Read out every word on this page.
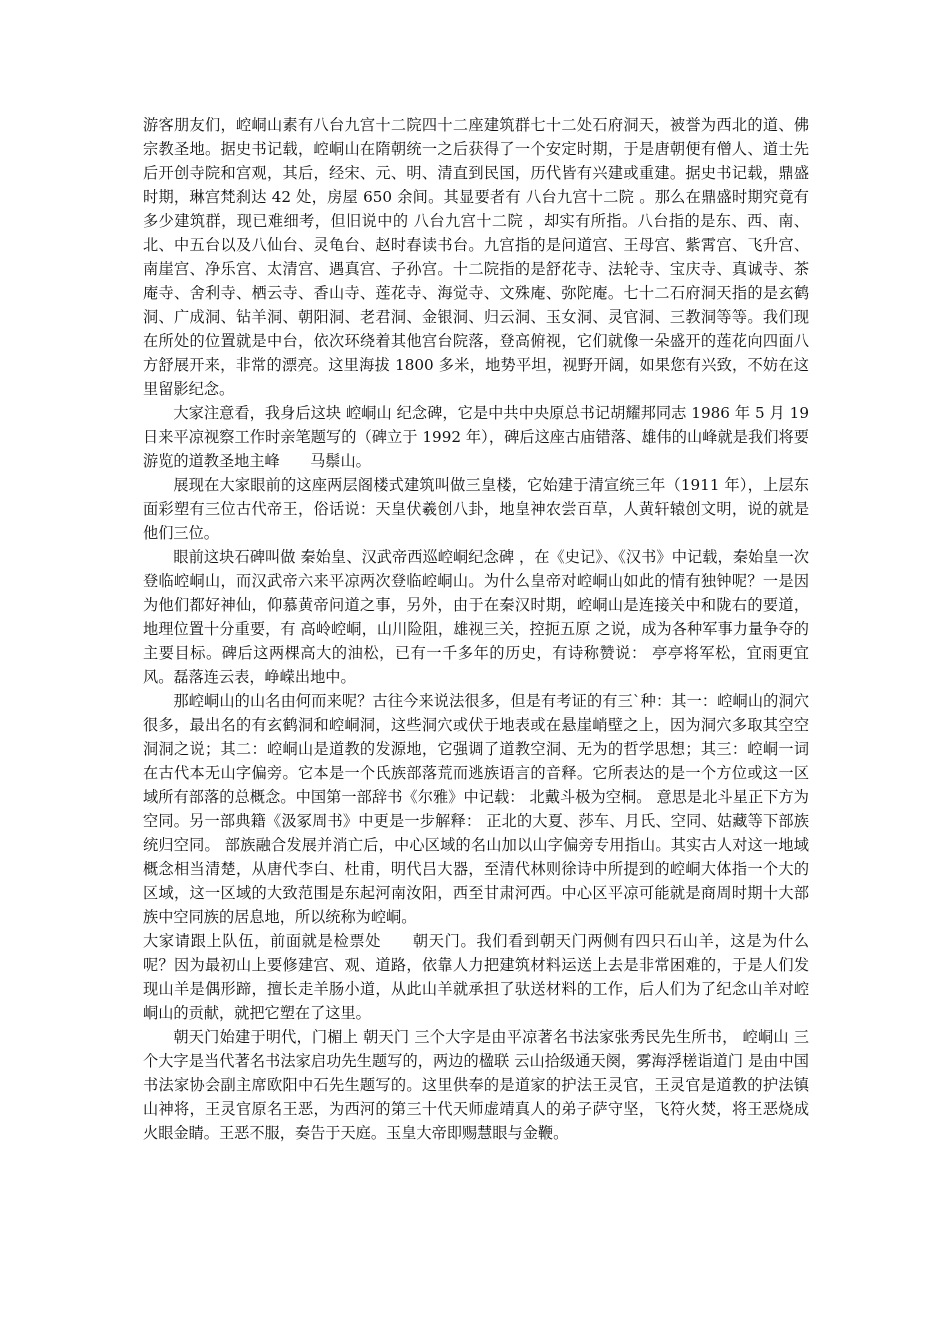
游客朋友们，崆峒山素有八台九宫十二院四十二座建筑群七十二处石府洞天，被誉为西北的道、佛宗教圣地。据史书记载，崆峒山在隋朝统一之后获得了一个安定时期，于是唐朝便有僧人、道士先后开创寺院和宫观，其后，经宋、元、明、清直到民国，历代皆有兴建或重建。据史书记载，鼎盛时期，琳宫梵刹达 42 处，房屋 650 余间。其显要者有 八台九宫十二院 。那么在鼎盛时期究竟有多少建筑群，现已难细考，但旧说中的 八台九宫十二院 ，却实有所指。八台指的是东、西、南、北、中五台以及八仙台、灵龟台、赵时春读书台。九宫指的是问道宫、王母宫、紫霄宫、飞升宫、南崖宫、净乐宫、太清宫、遇真宫、子孙宫。十二院指的是舒花寺、法轮寺、宝庆寺、真诚寺、茶庵寺、舍利寺、栖云寺、香山寺、莲花寺、海觉寺、文殊庵、弥陀庵。七十二石府洞天指的是玄鹤洞、广成洞、钻羊洞、朝阳洞、老君洞、金银洞、归云洞、玉女洞、灵官洞、三教洞等等。我们现在所处的位置就是中台，依次环绕着其他宫台院落，登高俯视，它们就像一朵盛开的莲花向四面八方舒展开来，非常的漂亮。这里海拔 1800 多米，地势平坦，视野开阔，如果您有兴致，不妨在这里留影纪念。

大家注意看，我身后这块 崆峒山 纪念碑，它是中共中央原总书记胡耀邦同志 1986 年 5 月 19 日来平凉视察工作时亲笔题写的（碑立于 1992 年），碑后这座古庙错落、雄伟的山峰就是我们将要游览的道教圣地主峰　　马鬃山。

展现在大家眼前的这座两层阁楼式建筑叫做三皇楼，它始建于清宣统三年（1911 年），上层东面彩塑有三位古代帝王，俗话说：天皇伏羲创八卦，地皇神农尝百草，人黄轩辕创文明，说的就是他们三位。

眼前这块石碑叫做 秦始皇、汉武帝西巡崆峒纪念碑 ，在《史记》、《汉书》中记载，秦始皇一次登临崆峒山，而汉武帝六来平凉两次登临崆峒山。为什么皇帝对崆峒山如此的情有独钟呢？一是因为他们都好神仙，仰慕黄帝问道之事，另外，由于在秦汉时期，崆峒山是连接关中和陇右的要道，地理位置十分重要，有 高岭崆峒，山川险阻，雄视三关，控扼五原 之说，成为各种军事力量争夺的主要目标。碑后这两棵高大的油松，已有一千多年的历史，有诗称赞说： 亭亭将军松，宜雨更宜风。磊落连云表，峥嵘出地中。

那崆峒山的山名由何而来呢？古往今来说法很多，但是有考证的有三`种：其一：崆峒山的洞穴很多，最出名的有玄鹤洞和崆峒洞，这些洞穴或伏于地表或在悬崖峭壁之上，因为洞穴多取其空空洞洞之说；其二：崆峒山是道教的发源地，它强调了道教空洞、无为的哲学思想；其三：崆峒一词在古代本无山字偏旁。它本是一个氏族部落荒而逃族语言的音释。它所表达的是一个方位或这一区域所有部落的总概念。中国第一部辞书《尔雅》中记载： 北戴斗极为空桐。 意思是北斗星正下方为空同。另一部典籍《汲冢周书》中更是一步解释： 正北的大夏、莎车、月氏、空同、姑藏等下部族统归空同。 部族融合发展并消亡后，中心区域的名山加以山字偏旁专用指山。其实古人对这一地域概念相当清楚，从唐代李白、杜甫，明代吕大器，至清代林则徐诗中所提到的崆峒大体指一个大的区域，这一区域的大致范围是东起河南汝阳，西至甘肃河西。中心区平凉可能就是商周时期十大部族中空同族的居息地，所以统称为崆峒。

大家请跟上队伍，前面就是检票处　　朝天门。我们看到朝天门两侧有四只石山羊，这是为什么呢？因为最初山上要修建宫、观、道路，依靠人力把建筑材料运送上去是非常困难的，于是人们发现山羊是偶形蹄，擅长走羊肠小道，从此山羊就承担了驮送材料的工作，后人们为了纪念山羊对崆峒山的贡献，就把它塑在了这里。

朝天门始建于明代，门楣上 朝天门 三个大字是由平凉著名书法家张秀民先生所书， 崆峒山 三个大字是当代著名书法家启功先生题写的，两边的楹联 云山拾级通天阕，雾海浮槎诣道门 是由中国书法家协会副主席欧阳中石先生题写的。这里供奉的是道家的护法王灵官，王灵官是道教的护法镇山神将，王灵官原名王恶，为西河的第三十代天师虚靖真人的弟子萨守坚，飞符火焚，将王恶烧成火眼金睛。王恶不服，奏告于天庭。玉皇大帝即赐慧眼与金鞭。
